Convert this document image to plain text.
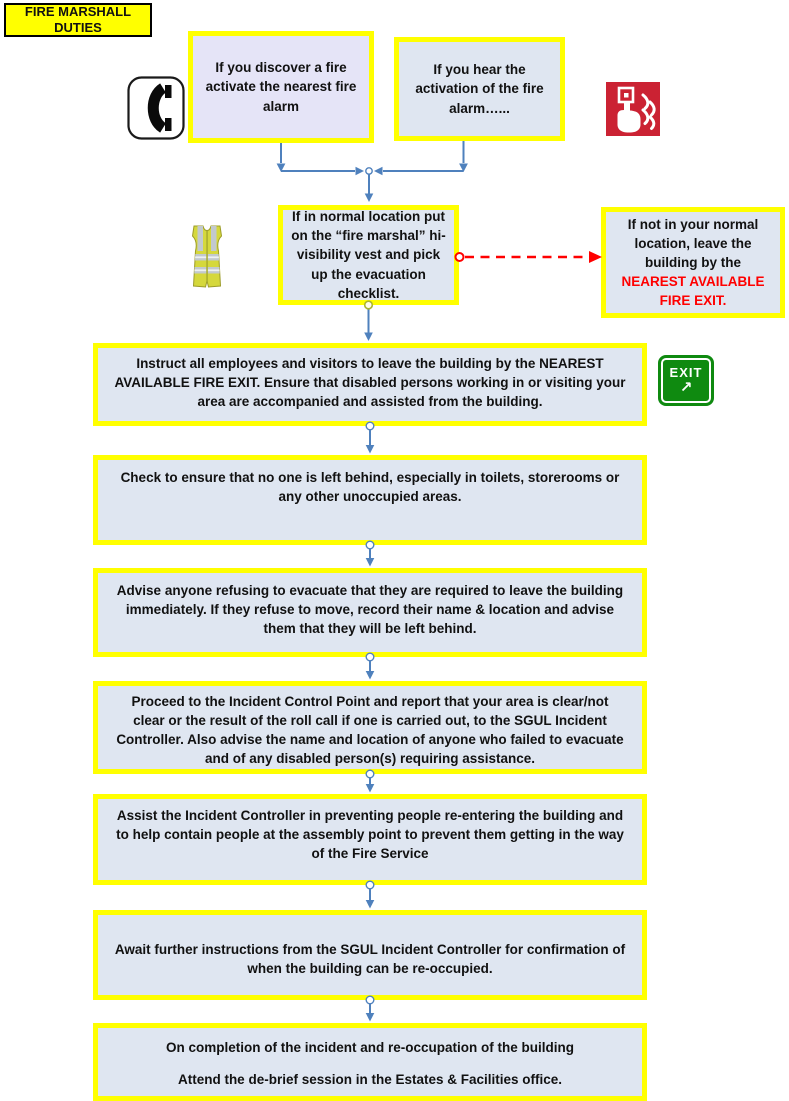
FIRE MARSHALL DUTIES
If you discover a fire activate the nearest fire alarm
If you hear the activation of the fire alarm…...
If in normal location put on the “fire marshal” hi-visibility vest and pick up the evacuation checklist.
If not in your normal location, leave the building by the NEAREST AVAILABLE FIRE EXIT.
Instruct all employees and visitors to leave the building by the NEAREST AVAILABLE FIRE EXIT. Ensure that disabled persons working in or visiting your area are accompanied and assisted from the building.
Check to ensure that no one is left behind, especially in toilets, storerooms or any other unoccupied areas.
Advise anyone refusing to evacuate that they are required to leave the building immediately. If they refuse to move, record their name & location and advise them that they will be left behind.
Proceed to the Incident Control Point and report that your area is clear/not clear or the result of the roll call if one is carried out, to the SGUL Incident Controller. Also advise the name and location of anyone who failed to evacuate and of any disabled person(s) requiring assistance.
Assist the Incident Controller in preventing people re-entering the building and to help contain people at the assembly point to prevent them getting in the way of the Fire Service
Await further instructions from the SGUL Incident Controller for confirmation of when the building can be re-occupied.

On completion of the incident and re-occupation of the building

Attend the de-brief session in the Estates & Facilities office.

EXIT
↗
